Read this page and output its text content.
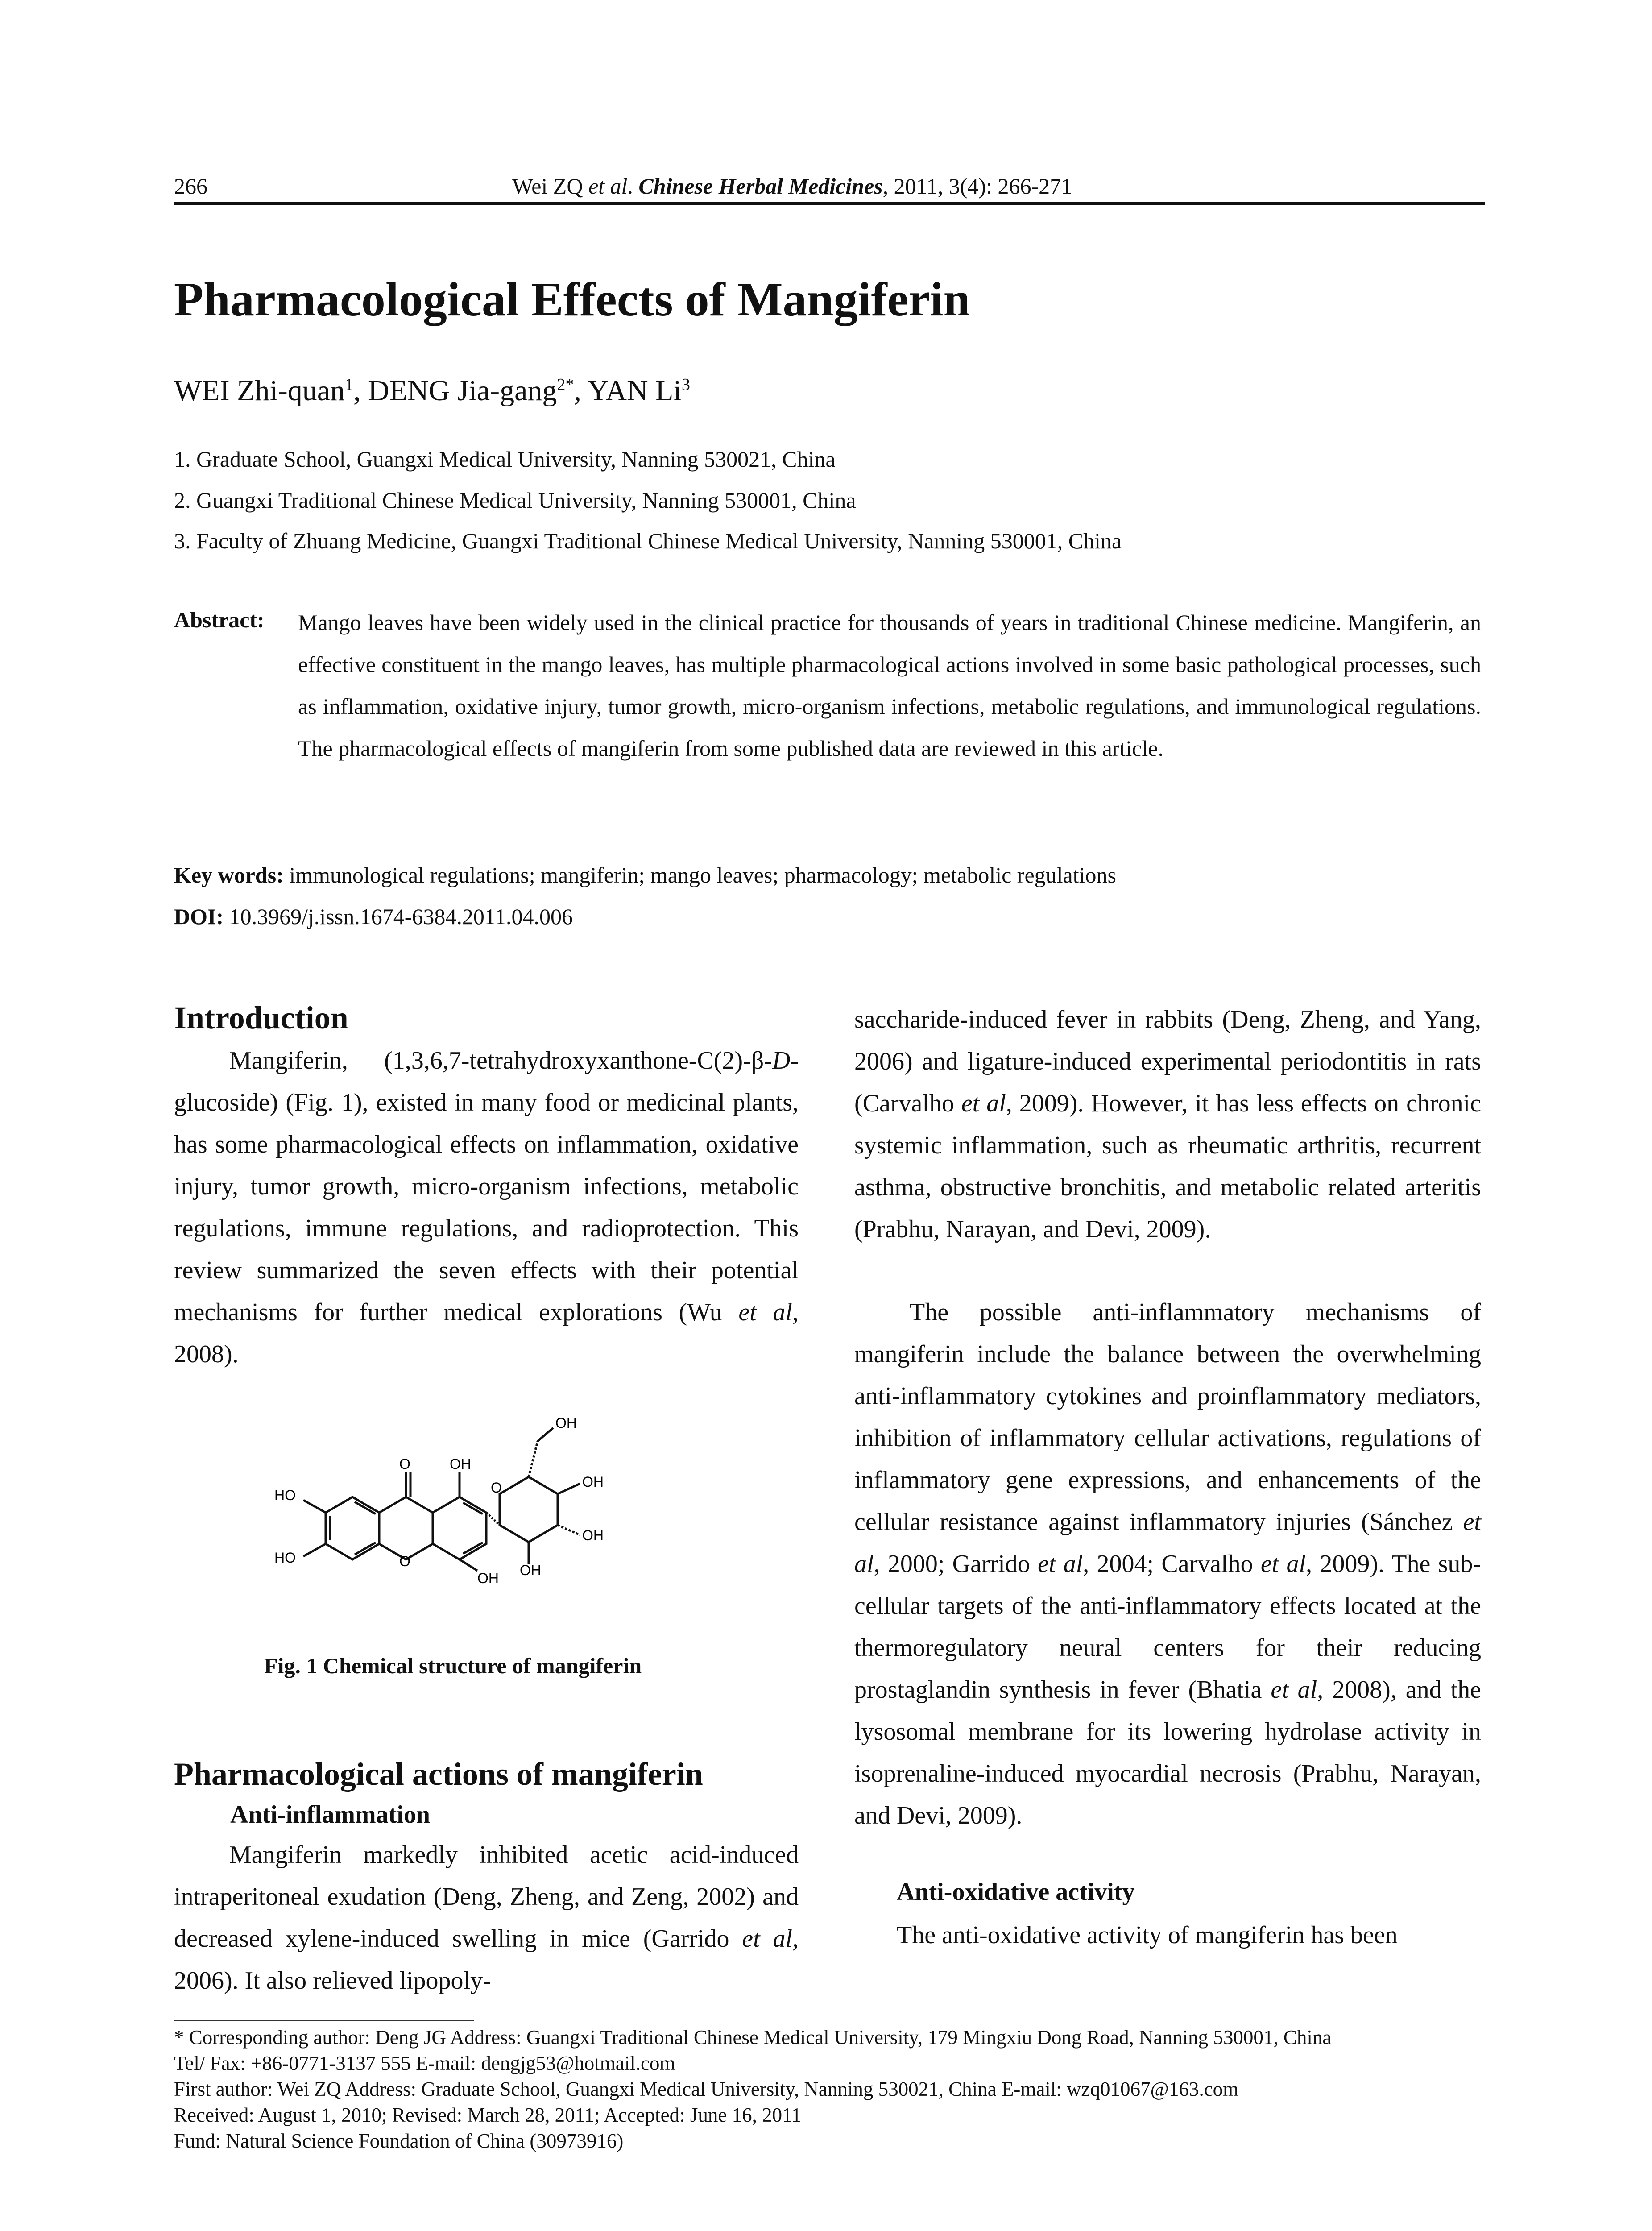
266	Wei ZQ et al. Chinese Herbal Medicines, 2011, 3(4): 266-271
Pharmacological Effects of Mangiferin
WEI Zhi-quan$^1$, DENG Jia-gang$^{2*}$, YAN Li$^3$
1. Graduate School, Guangxi Medical University, Nanning 530021, China
2. Guangxi Traditional Chinese Medical University, Nanning 530001, China
3. Faculty of Zhuang Medicine, Guangxi Traditional Chinese Medical University, Nanning 530001, China
Abstract: Mango leaves have been widely used in the clinical practice for thousands of years in traditional Chinese medicine. Mangiferin, an effective constituent in the mango leaves, has multiple pharmacological actions involved in some basic pathological processes, such as inflammation, oxidative injury, tumor growth, micro-organism infections, metabolic regulations, and immunological regulations. The pharmacological effects of mangiferin from some published data are reviewed in this article.
Key words: immunological regulations; mangiferin; mango leaves; pharmacology; metabolic regulations
DOI: 10.3969/j.issn.1674-6384.2011.04.006
Introduction
Mangiferin, (1,3,6,7-tetrahydroxyxanthone-C(2)-β-D-glucoside) (Fig. 1), existed in many food or medicinal plants, has some pharmacological effects on inflammation, oxidative injury, tumor growth, micro-organism infections, metabolic regulations, immune regulations, and radioprotection. This review summarized the seven effects with their potential mechanisms for further medical explorations (Wu et al, 2008).
O	OH
O
OH
OH
OH
OH
HO
HO	O
OH
Fig. 1 Chemical structure of mangiferin
Pharmacological actions of mangiferin
Anti-inflammation
Mangiferin markedly inhibited acetic acid-induced intraperitoneal exudation (Deng, Zheng, and Zeng, 2002) and decreased xylene-induced swelling in mice (Garrido et al, 2006). It also relieved lipopoly-
saccharide-induced fever in rabbits (Deng, Zheng, and Yang, 2006) and ligature-induced experimental periodontitis in rats (Carvalho et al, 2009). However, it has less effects on chronic systemic inflammation, such as rheumatic arthritis, recurrent asthma, obstructive bronchitis, and metabolic related arteritis (Prabhu, Narayan, and Devi, 2009).
The possible anti-inflammatory mechanisms of mangiferin include the balance between the overwhelming anti-inflammatory cytokines and proinflammatory mediators, inhibition of inflammatory cellular activations, regulations of inflammatory gene expressions, and enhancements of the cellular resistance against inflammatory injuries (Sánchez et al, 2000; Garrido et al, 2004; Carvalho et al, 2009). The sub-cellular targets of the anti-inflammatory effects located at the thermoregulatory neural centers for their reducing prostaglandin synthesis in fever (Bhatia et al, 2008), and the lysosomal membrane for its lowering hydrolase activity in isoprenaline-induced myocardial necrosis (Prabhu, Narayan, and Devi, 2009).
Anti-oxidative activity
The anti-oxidative activity of mangiferin has been
* Corresponding author: Deng JG Address: Guangxi Traditional Chinese Medical University, 179 Mingxiu Dong Road, Nanning 530001, China
Tel/ Fax: +86-0771-3137 555 E-mail: dengjg53@hotmail.com
First author: Wei ZQ Address: Graduate School, Guangxi Medical University, Nanning 530021, China E-mail: wzq01067@163.com
Received: August 1, 2010; Revised: March 28, 2011; Accepted: June 16, 2011
Fund: Natural Science Foundation of China (30973916)
